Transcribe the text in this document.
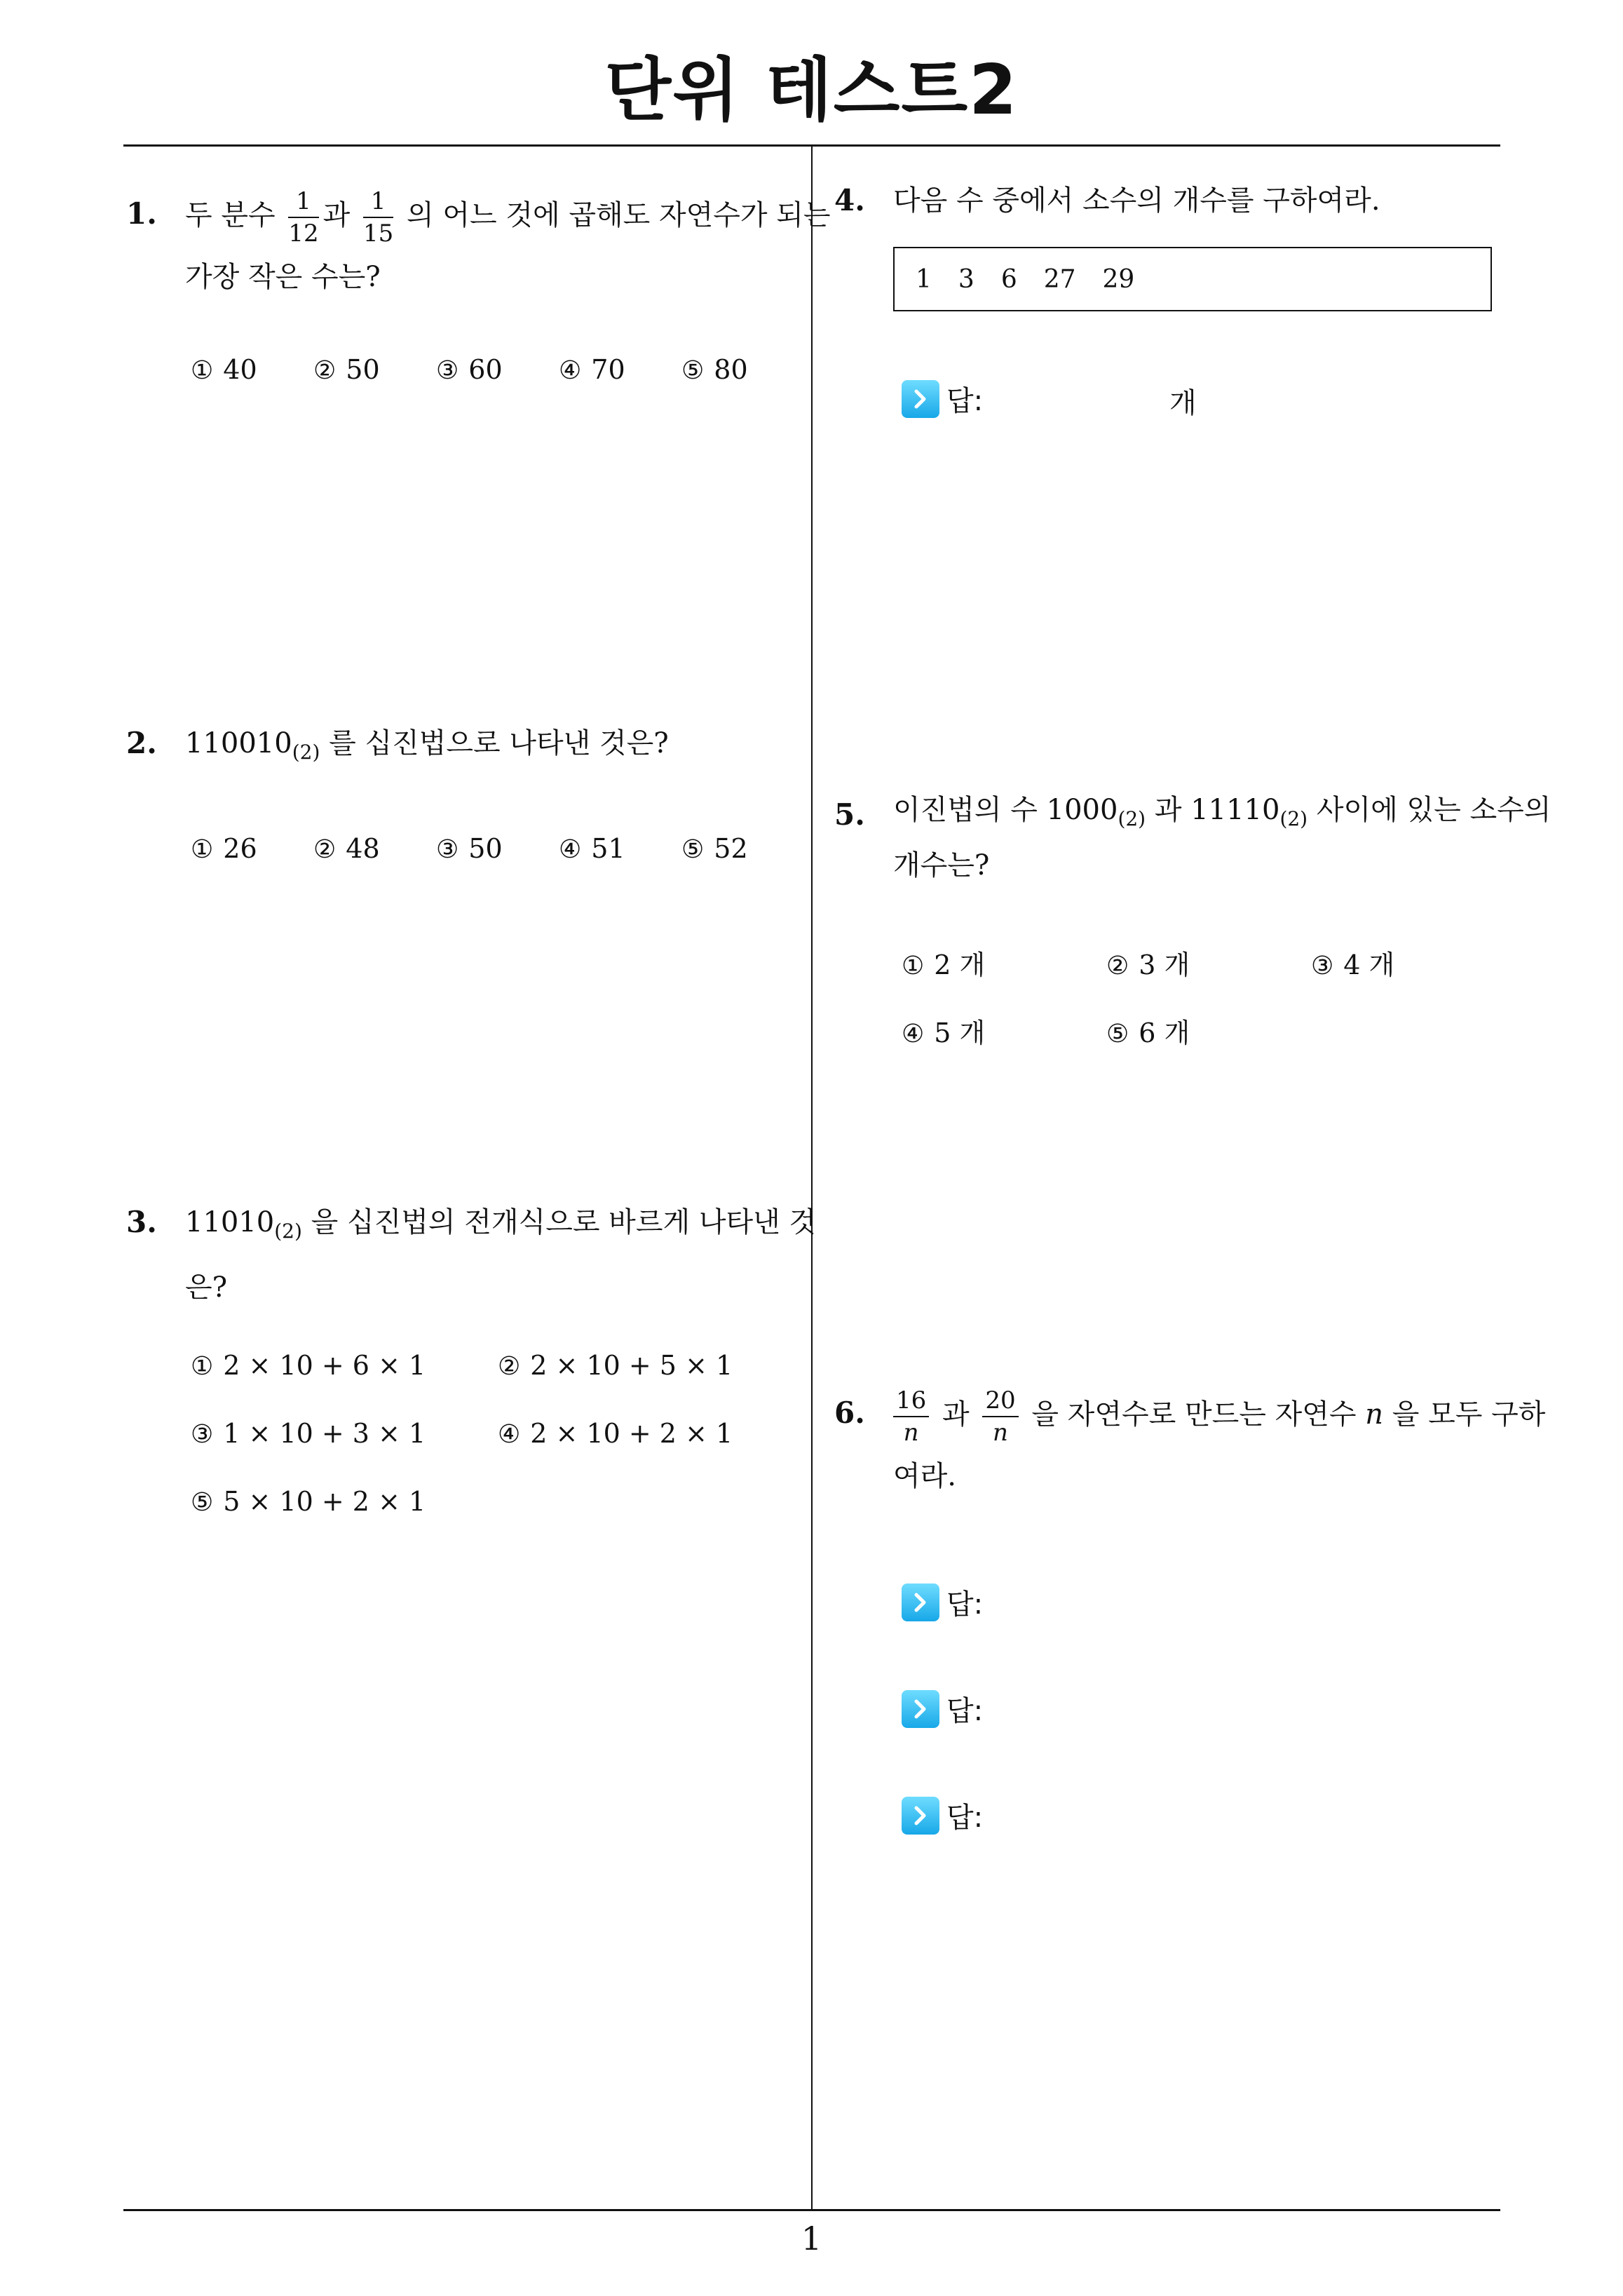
단위 테스트2
1
1. 두 분수 $\frac{1}{12}$ 과 $\frac{1}{15}$ 의 어느 것에 곱해도 자연수가 되는
가장 작은 수는?
① 40 ② 50 ③ 60 ④ 70 ⑤ 80
2. $110010_{(2)}$ 를 십진법으로 나타낸 것은?
① 26 ② 48 ③ 50 ④ 51 ⑤ 52
3. $11010_{(2)}$ 을 십진법의 전개식으로 바르게 나타낸 것
은?
① 2 × 10 + 6 × 1	② 2 × 10 + 5 × 1
③ 1 × 10 + 3 × 1	④ 2 × 10 + 2 × 1
⑤ 5 × 10 + 2 × 1
4. 다음 수 중에서 소수의 개수를 구하여라.
1 3 6 27 29
답:	개
5. 이진법의 수 $1000_{(2)}$ 과 $11110_{(2)}$ 사이에 있는 소수의
개수는?
① 2 개	② 3 개	③ 4 개
④ 5 개	⑤ 6 개
6. $\frac{16}{n}$ 과 $\frac{20}{n}$ 을 자연수로 만드는 자연수 n 을 모두 구하
여라.
답:
답:
답:
